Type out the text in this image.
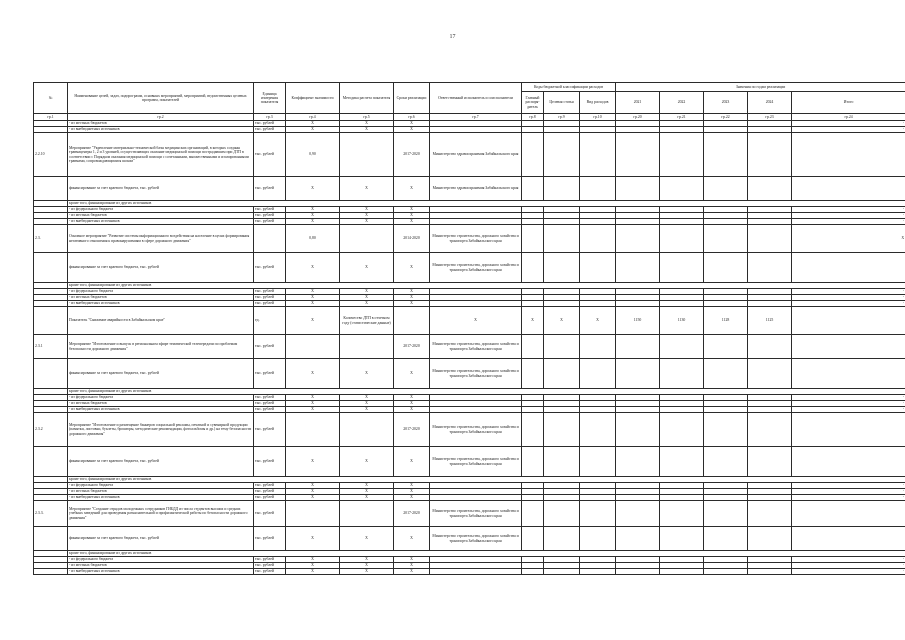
17
№	Наименование целей, задач, подпрограмм, основных мероприятий, мероприятий, ведомственных целевых программ, показателей	Единица измерения показателя	Коэффициент значимости	Методика расчета показателя	Сроки реализации	Ответственный исполнитель и соисполнители	Коды бюджетной классификации расходов			Значения по годам реализации				
							Главный распоря-дитель	Целевая статья	Вид расходов	2021	2022	2023	2024	Итого
гр.1	гр.2	гр.3	гр.4	гр.5	гр.6	гр.7	гр.8	гр.9	гр.10	гр.20	гр.21	гр.22	гр.23	гр.24
	- из местных бюджетов	тыс. рублей	X	X	X									-
	- из внебюджетных источников	тыс. рублей	X	X	X									-
2.2.10	Мероприятие "Укрепление материально-технической базы медицинских организаций, в которых созданы травмацентры 1, 2 и 3 уровней, осуществляющих оказание медицинской помощи пострадавшим при ДТП в соответствии с Порядком оказания медицинской помощи с сочетанными, множественными и изолированными травмами, сопровождающимися шоком"	тыс. рублей	0,90		2017-2020	Министерство здравоохранения Забайкальского края								
	финансирование за счет краевого бюджета, тыс. рублей	тыс. рублей	X	X	X	Министерство здравоохранения Забайкальского края								
	кроме того, финансирование из других источников													
	- из федерального бюджета	тыс. рублей	X	X	X									-
	- из местных бюджетов	тыс. рублей	X	X	X									-
	- из внебюджетных источников	тыс. рублей	X	X	X									-
2.3.	Основное мероприятие "Развитие системы информационного воздействия на население в целях формирования негативного отношения к правонарушениям в сфере дорожного движения"		0,80		2014-2020	Министерство строительства, дорожного хозяйства и транспорта Забайкальского края								X
	финансирование за счет краевого бюджета, тыс. рублей	тыс. рублей	X	X	X	Министерство строительства, дорожного хозяйства и транспорта Забайкальского края								
	кроме того, финансирование из других источников													
	- из федерального бюджета	тыс. рублей	X	X	X									-
	- из местных бюджетов	тыс. рублей	X	X	X									-
	- из внебюджетных источников	тыс. рублей	X	X	X									-
	Показатель "Снижение аварийности в Забайкальском крае"	ед.	X	Количество ДТП в отчетном году (статистические данные)		X	X	X	X	1150	1130	1128	1125	
2.3.1	Мероприятие "Изготовление и выпуск в региональном эфире тематической телепередачи по проблемам безопасности дорожного движения"	тыс. рублей			2017-2020	Министерство строительства, дорожного хозяйства и транспорта Забайкальского края								
	финансирование за счет краевого бюджета, тыс. рублей	тыс. рублей	X	X	X	Министерство строительства, дорожного хозяйства и транспорта Забайкальского края								
	кроме того, финансирование из других источников													
	- из федерального бюджета	тыс. рублей	X	X	X									-
	- из местных бюджетов	тыс. рублей	X	X	X									-
	- из внебюджетных источников	тыс. рублей	X	X	X									-
2.3.2	Мероприятие "Изготовление и размещение баннеров социальной рекламы, печатной и сувенирной продукции (памятки, листовки, буклеты, брошюры, методические рекомендации, фотоальбомы и др.) на тему безопасности дорожного движения"	тыс. рублей			2017-2020	Министерство строительства, дорожного хозяйства и транспорта Забайкальского края								
	финансирование за счет краевого бюджета, тыс. рублей	тыс. рублей	X	X	X	Министерство строительства, дорожного хозяйства и транспорта Забайкальского края								
	кроме того, финансирование из других источников													
	- из федерального бюджета	тыс. рублей	X	X	X									-
	- из местных бюджетов	тыс. рублей	X	X	X									-
	- из внебюджетных источников	тыс. рублей	X	X	X									-
2.3.3.	Мероприятие "Создание отрядов молодежных сотрудников ГИБДД из числа студентов высших и средних учебных заведений для проведения разъяснительной и профилактической работы по безопасности дорожного движения"	тыс. рублей			2017-2020	Министерство строительства, дорожного хозяйства и транспорта Забайкальского края								
	финансирование за счет краевого бюджета, тыс. рублей	тыс. рублей	X	X	X	Министерство строительства, дорожного хозяйства и транспорта Забайкальского края								
	кроме того, финансирование из других источников													
	- из федерального бюджета	тыс. рублей	X	X	X									-
	- из местных бюджетов	тыс. рублей	X	X	X									-
	- из внебюджетных источников	тыс. рублей	X	X	X									-
